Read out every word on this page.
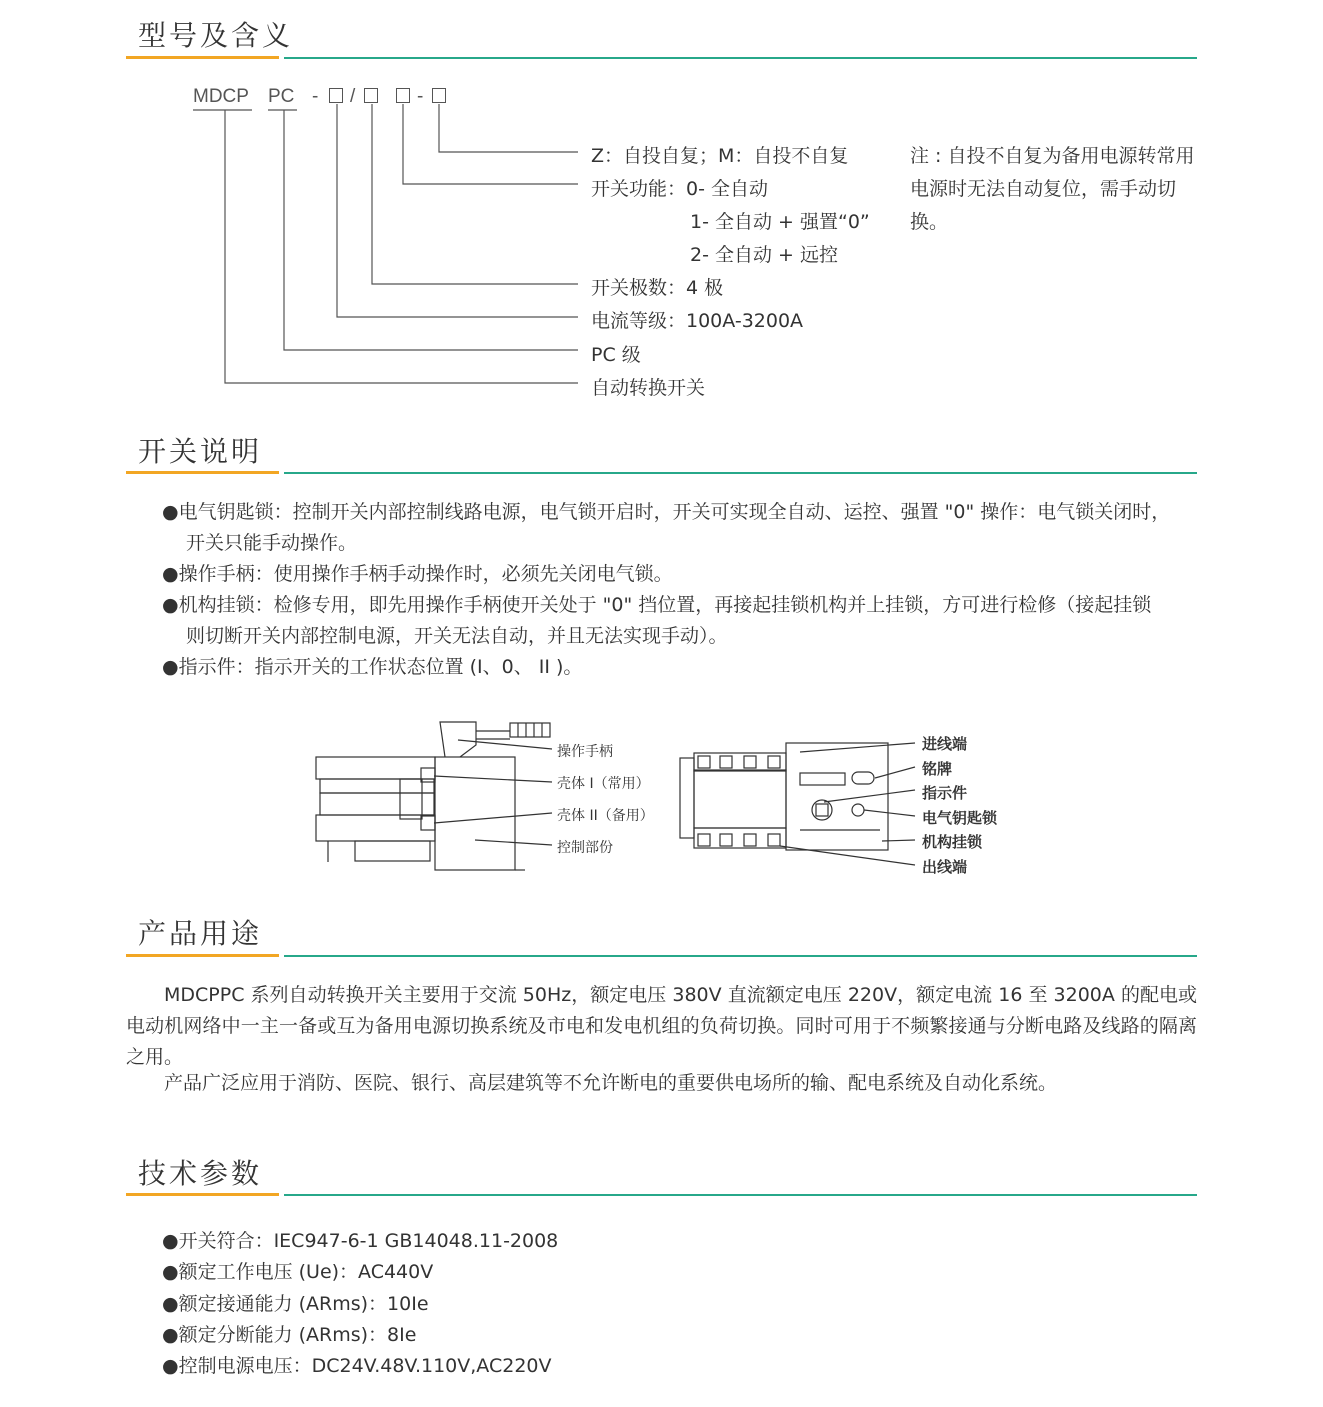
型号及含义
MDCP PC - /	-
Z：自投自复；M：自投不自复
开关功能：0- 全自动
1- 全自动 + 强置“0”
2- 全自动 + 远控
开关极数：4 极
电流等级：100A-3200A
PC 级
自动转换开关
注 : 自投不自复为备用电源转常用电源时无法自动复位，需手动切换。
开关说明
●电气钥匙锁：控制开关内部控制线路电源，电气锁开启时，开关可实现全自动、运控、强置 "0" 操作：电气锁关闭时，
开关只能手动操作。
●操作手柄：使用操作手柄手动操作时，必须先关闭电气锁。
●机构挂锁：检修专用，即先用操作手柄使开关处于 "0" 挡位置，再接起挂锁机构并上挂锁，方可进行检修（接起挂锁
则切断开关内部控制电源，开关无法自动，并且无法实现手动）。
●指示件：指示开关的工作状态位置 (I、0、 II )。
操作手柄
壳体 I（常用）
壳体 II（备用）
控制部份
进线端
铭牌
指示件
电气钥匙锁
机构挂锁
出线端
产品用途
MDCPPC 系列自动转换开关主要用于交流 50Hz，额定电压 380V 直流额定电压 220V，额定电流 16 至 3200A 的配电或电动机网络中一主一备或互为备用电源切换系统及市电和发电机组的负荷切换。同时可用于不频繁接通与分断电路及线路的隔离之用。
产品广泛应用于消防、医院、银行、高层建筑等不允许断电的重要供电场所的输、配电系统及自动化系统。
技术参数
●开关符合：IEC947-6-1 GB14048.11-2008
●额定工作电压 (Ue)：AC440V
●额定接通能力 (ARms)：10Ie
●额定分断能力 (ARms)：8Ie
●控制电源电压：DC24V.48V.110V,AC220V
